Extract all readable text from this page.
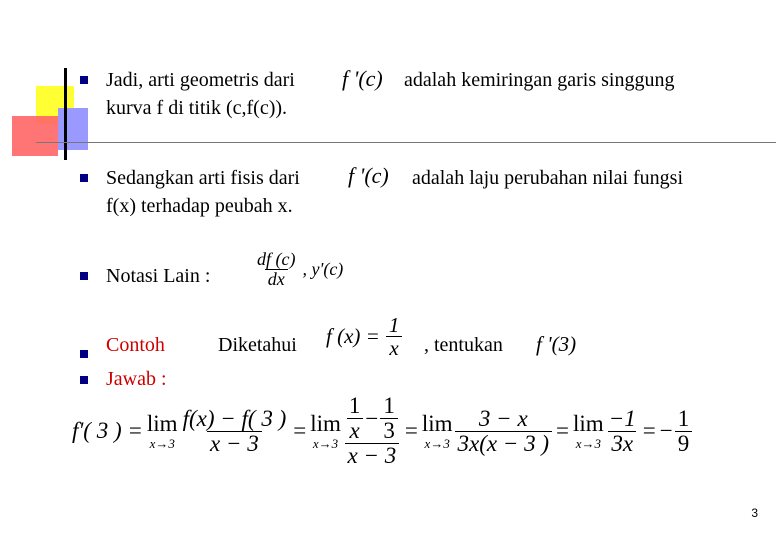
Jadi, arti geometris dari f '(c) adalah kemiringan garis singgung
kurva f di titik (c,f(c)).
Sedangkan arti fisis dari f '(c) adalah laju perubahan nilai fungsi
f(x) terhadap peubah x.
Notasi Lain : $\frac{df (c)}{dx}$ , y'(c)
Contoh	Diketahui f $(x) = \frac{1}{x}$ , tentukan f '(3)
Jawab :
f'( 3 ) = lim
$x\to 3 \frac{f(x) - f( 3 )}{x - 3} = \lim$
$x\to 3 \frac{\frac{1}{x} - \frac{1}{3}}{x - 3} = \lim$
$x\to 3 \frac{3 - x}{3x(x - 3 )} = \lim$
$x\to 3 \frac{-1}{3x}$ = − $\frac{1}{9}$
3
